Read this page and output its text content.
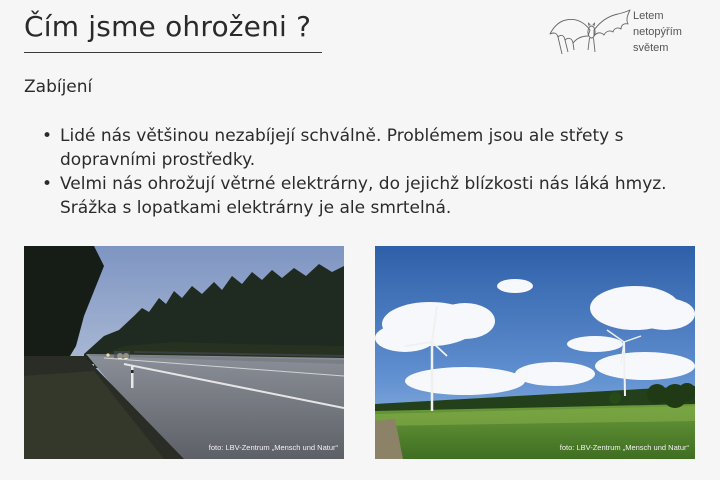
Čím jsme ohroženi ?	Letem
netopýřím
světem
Zabíjení
• Lidé nás většinou nezabíjejí schválně. Problémem jsou ale střety s dopravními prostředky.
• Velmi nás ohrožují větrné elektrárny, do jejichž blízkosti nás láká hmyz. Srážka s lopatkami elektrárny je ale smrtelná.
foto: LBV-Zentrum „Mensch und Natur“	foto: LBV-Zentrum „Mensch und Natur“
